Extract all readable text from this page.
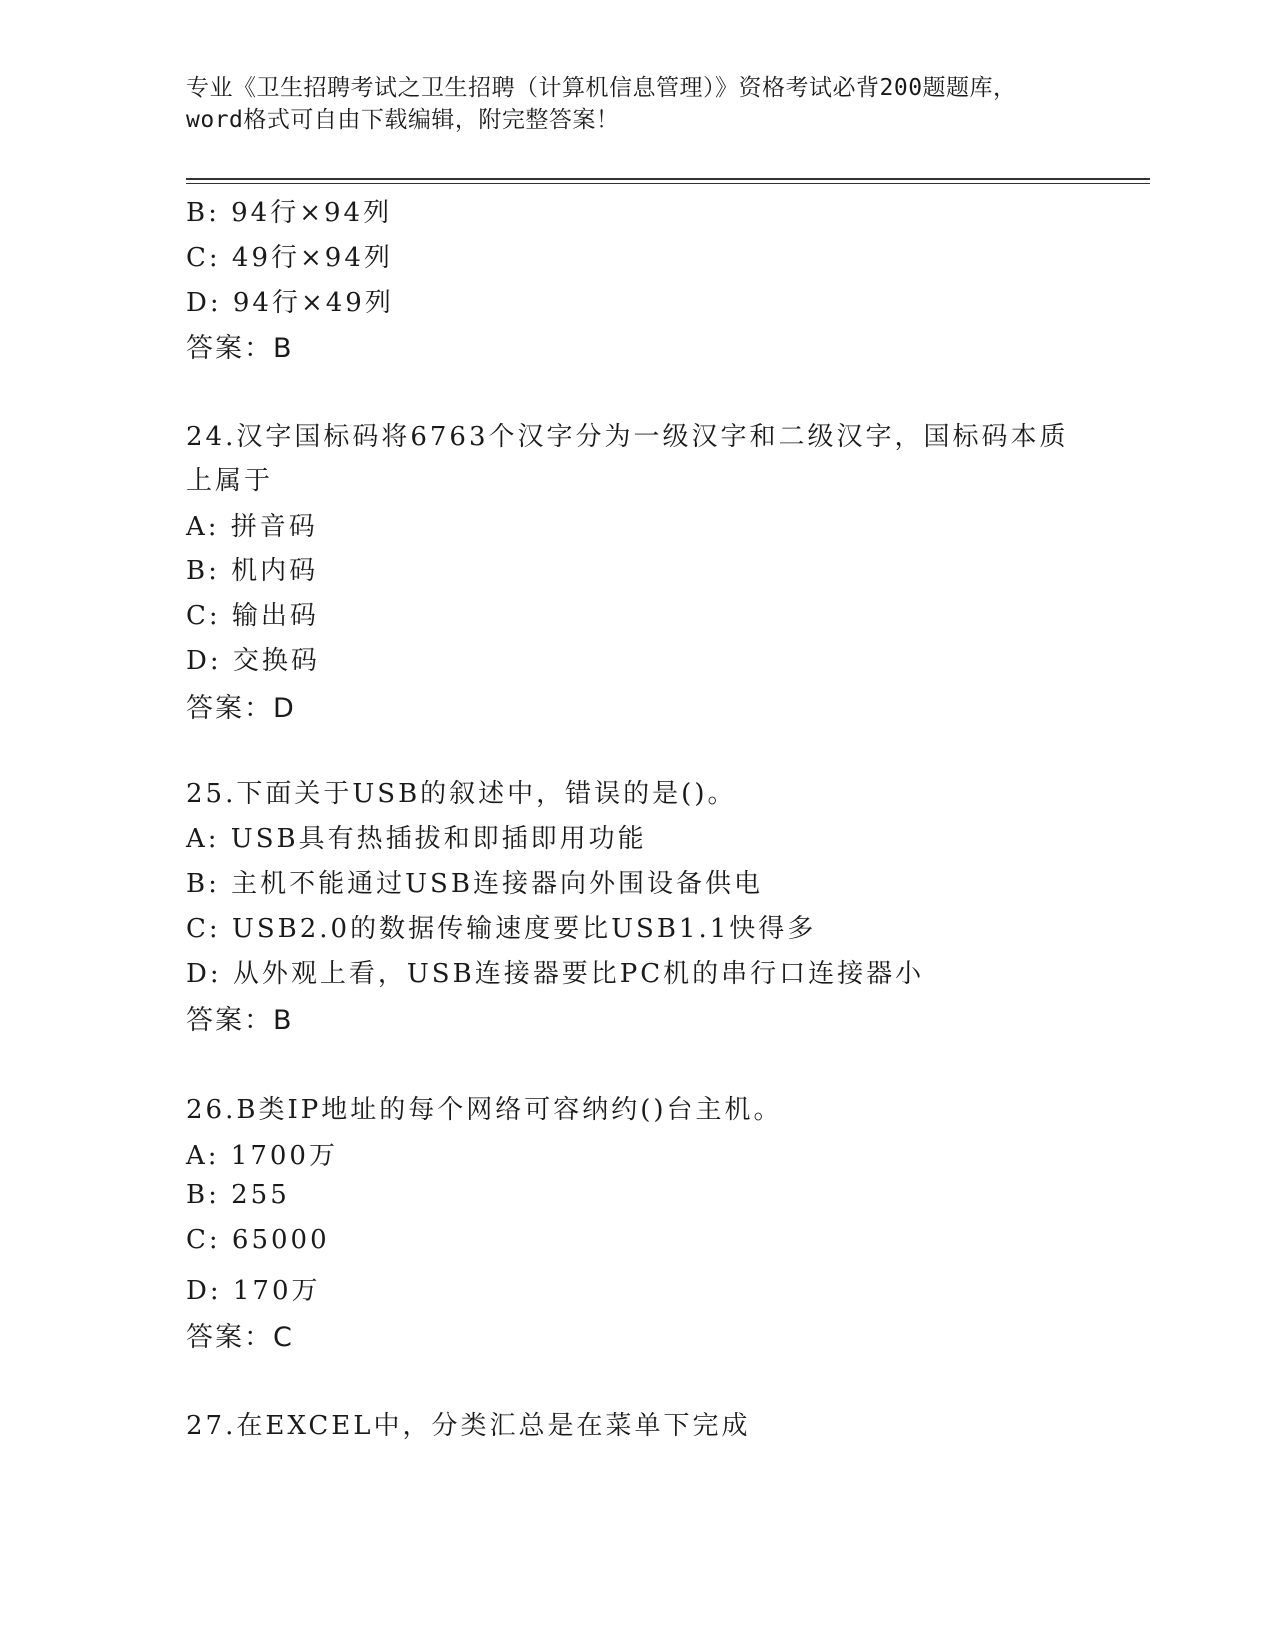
专业《卫生招聘考试之卫生招聘（计算机信息管理）》资格考试必背200题题库，
word格式可自由下载编辑，附完整答案！
B: 94行×94列
C: 49行×94列
D: 94行×49列
答案：B
24.汉字国标码将6763个汉字分为一级汉字和二级汉字，国标码本质
上属于
A: 拼音码
B: 机内码
C: 输出码
D: 交换码
答案：D
25.下面关于USB的叙述中，错误的是()。
A: USB具有热插拔和即插即用功能
B: 主机不能通过USB连接器向外围设备供电
C: USB2.0的数据传输速度要比USB1.1快得多
D: 从外观上看，USB连接器要比PC机的串行口连接器小
答案：B
26.B类IP地址的每个网络可容纳约()台主机。
A: 1700万
B: 255
C: 65000
D: 170万
答案：C
27.在EXCEL中，分类汇总是在菜单下完成
